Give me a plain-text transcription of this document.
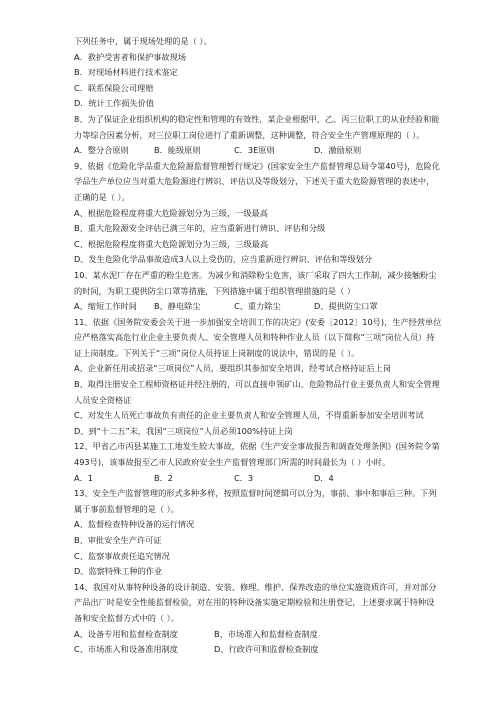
下列任务中，属于现场处理的是（ ）。
A．救护受害者和保护事故现场
B．对现场材料进行技术鉴定
C．联系保险公司理赔
D．统计工作损失价值
8、为了保证企业组织机构的稳定性和管理的有效性，某企业根据甲、乙、丙三位职工的从业经验和能力等综合因素分析，对三位职工岗位进行了重新调整，这种调整，符合安全生产管理原理的（ ）。
A．整分合原则	B．能级原则	C．3E原则	D．激励原则
9、依据《危险化学品重大危险源监督管理暂行规定》(国家安全生产监督管理总局令第40号)，危险化学品生产单位应当对重大危险源进行辨识、评估以及等级划分，下述关于重大危险源管理的表述中，正确的是（ ）。
A、根据危险程度将重大危险源划分为三级，一级最高
B、重大危险源安全评估已满三年的，应当重新进行辨识、评估和分级
C、根据危险程度将重大危险源划分为三级，三级最高
D、发生危险化学品事故造成3人以上受伤的，应当重新进行辨识、评估和等级划分
10、某水泥厂存在严重的粉尘危害。为减少和消除粉尘危害，该厂采取了四大工作制，减少接触粉尘的时间，为职工提供防尘口罩等措施，下列措施中属于组织管理措施的是（ ）
A、缩短工作时间	B、静电除尘	C、重力除尘	D、提供防尘口罩
11、依据《国务院安委会关于进一步加强安全培训工作的决定》(安委〔2012〕10号)，生产经营单位应严格落实高危行业企业主要负责人、安全管理人员和特种作业人员（以下简称“三项”岗位人员）持证上岗制度。下列关于“三项”岗位人员持证上岗制度的说法中，错误的是（ ）。
A、企业新任用或招录“三项岗位”人员，要组织其参加安全培训，经考试合格持证后上岗
B、取得注册安全工程师资格证并经注册的，可以直接申领矿山、危险物品行业主要负责人和安全管理人员安全资格证
C、对发生人员死亡事故负有责任的企业主要负责人和安全管理人员，不得重新参加安全培训考试
D、到“十二五”末，我国“三项岗位”人员必须100%持证上岗
12、甲省乙市丙县某施工工地发生较大事故，依据《生产安全事故报告和调查处理条例》(国务院令第493号)，该事故报至乙市人民政府安全生产监督管理部门所需的时间最长为（ ）小时。
A．1	B．2	C．3	D．4
13、安全生产监督管理的形式多种多样，按照监督时间逻辑可以分为，事前、事中和事后三种。下列属于事前监督管理的是（ ）。
A、监督检查特种设备的运行情况
B、审批安全生产许可证
C、监察事故责任追究情况
D、监察特殊工种的作业
14、我国对从事特种设备的设计制造、安装、修理、维护、保养改造的单位实施资质许可，并对部分产品出厂时是安全性能监督检验，对在用的特种设备实施定期检验和注册登记，上述要求属于特种设备和安全监督方式中的（ ）。
A、设备专用和监督检查制度	B、市场准入和监督检查制度
C、市场准入和设备准用制度	D、行政许可和监督检查制度
